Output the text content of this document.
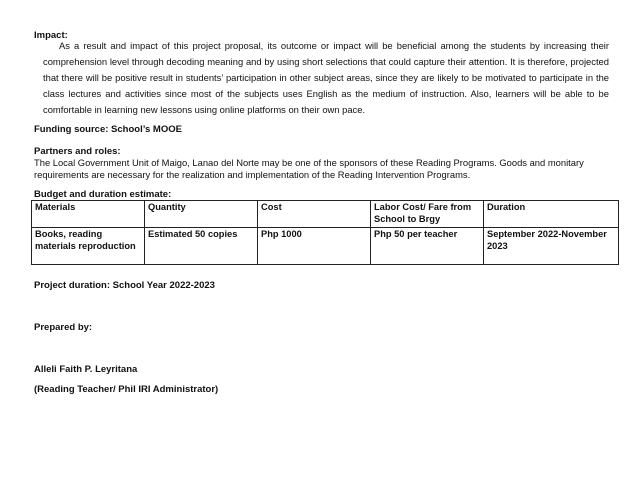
Impact:
As a result and impact of this project proposal, its outcome or impact will be beneficial among the students by increasing their comprehension level through decoding meaning and by using short selections that could capture their attention. It is therefore, projected that there will be positive result in students’ participation in other subject areas, since they are likely to be motivated to participate in the class lectures and activities since most of the subjects uses English as the medium of instruction. Also, learners will be able to be comfortable in learning new lessons using online platforms on their own pace.
Funding source: School’s MOOE
Partners and roles:
The Local Government Unit of Maigo, Lanao del Norte may be one of the sponsors of these Reading Programs. Goods and monitary requirements are necessary for the realization and implementation of the Reading Intervention Programs.
Budget and duration estimate:
Materials	Quantity	Cost	Labor Cost/ Fare from School to Brgy	Duration
Books, reading materials reproduction	Estimated 50 copies	Php 1000	Php 50 per teacher	September 2022-November 2023
Project duration: School Year 2022-2023
Prepared by:
Alleli Faith P. Leyritana
(Reading Teacher/ Phil IRI Administrator)
